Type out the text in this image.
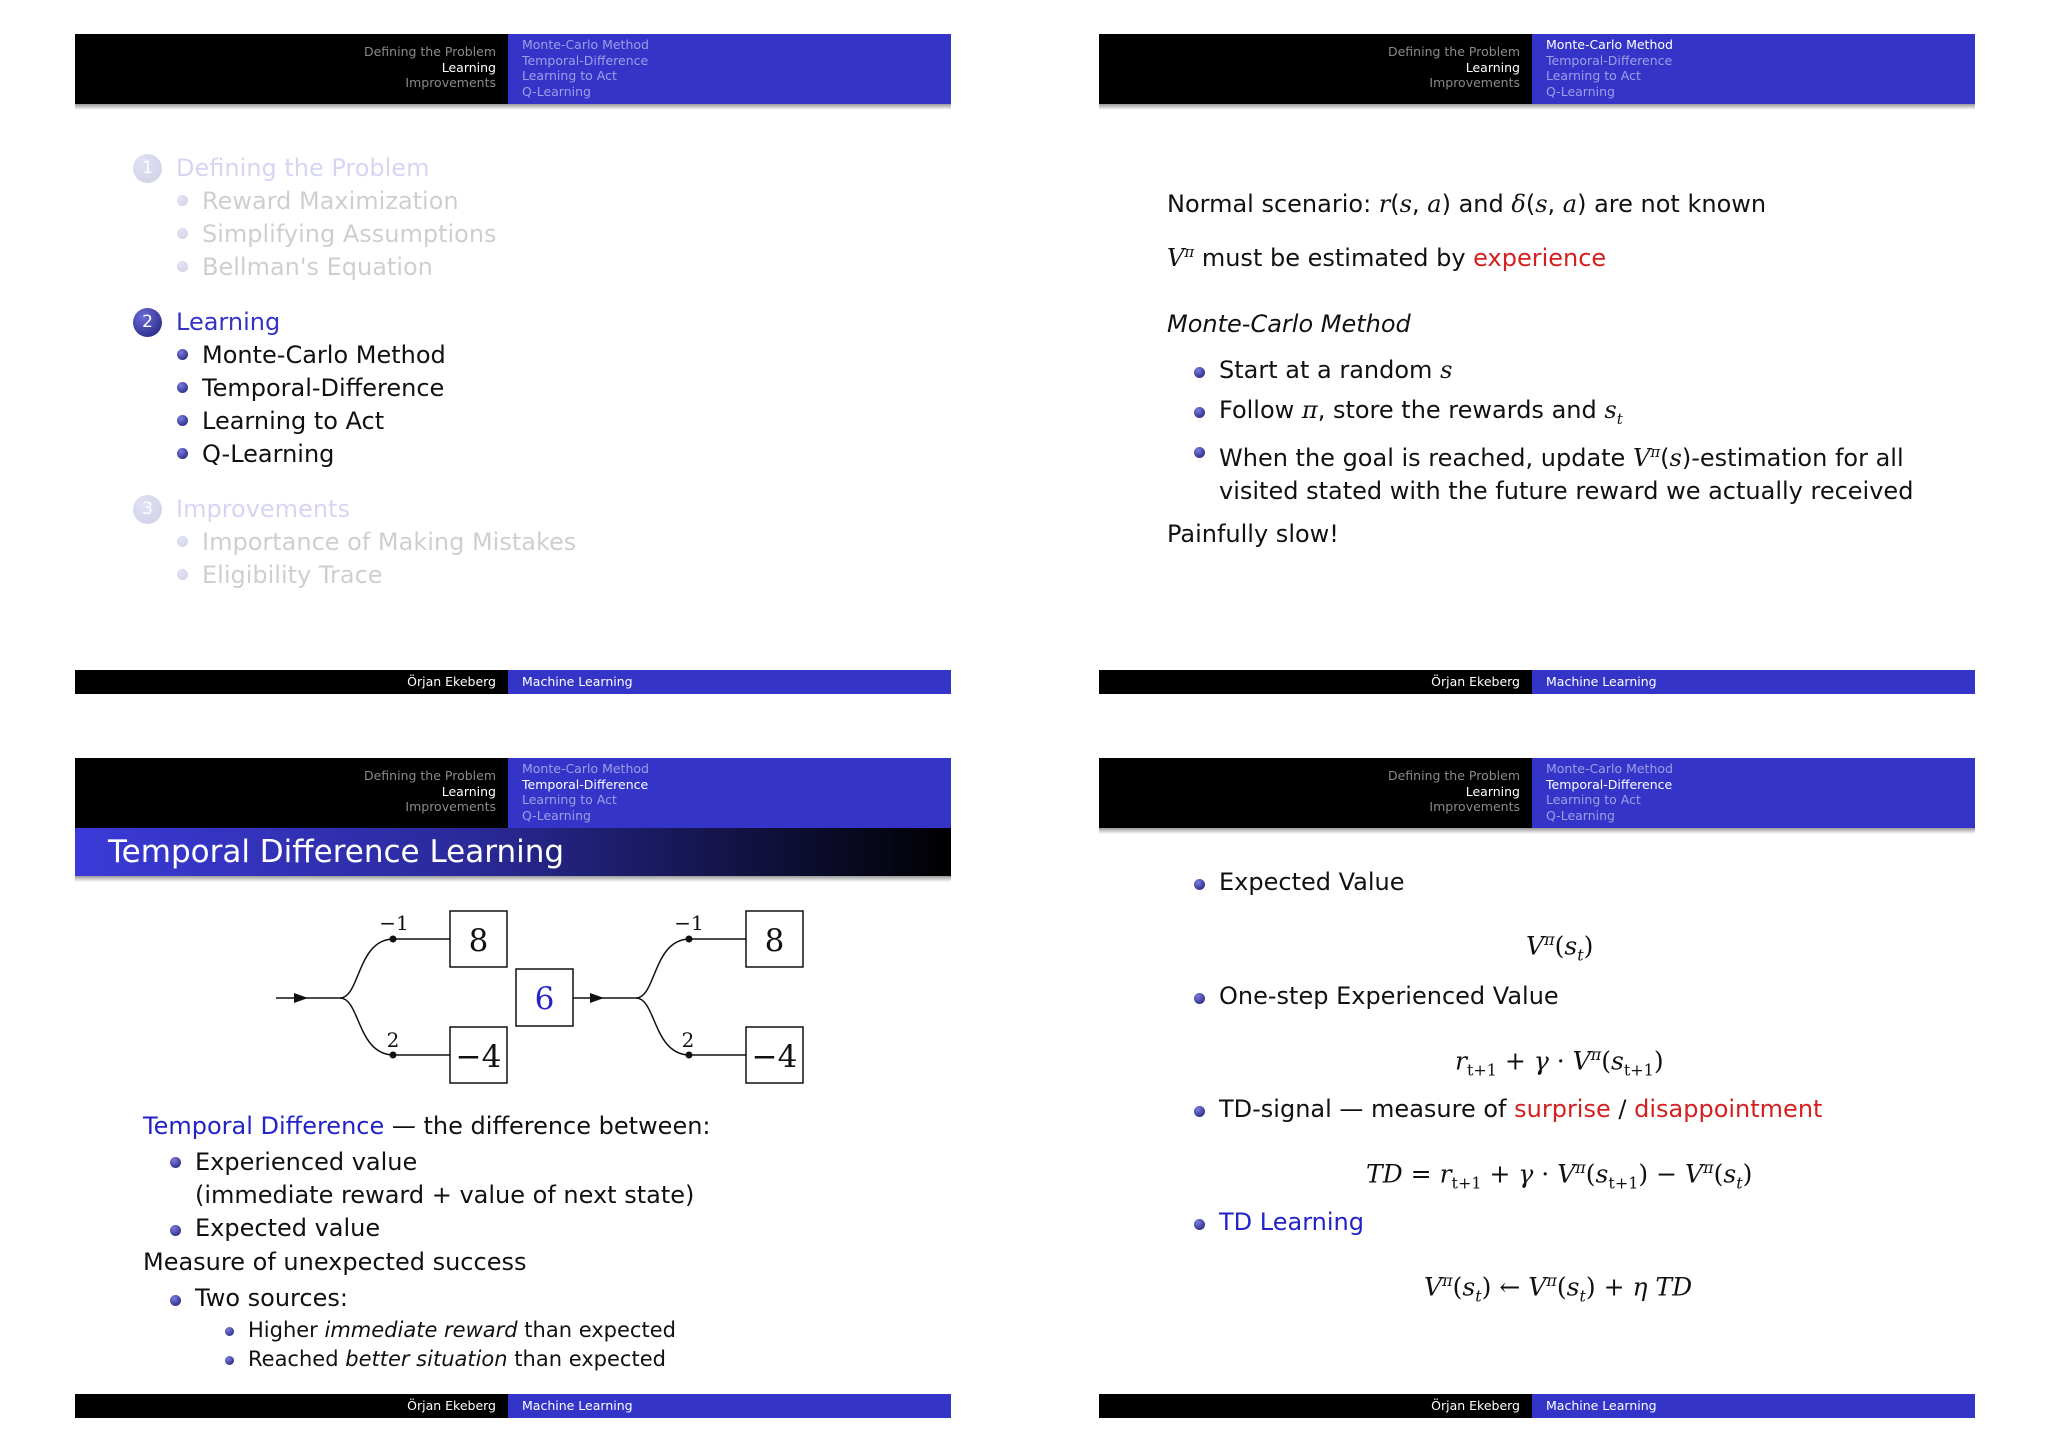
Defining the Problem
Learning
Improvements
Monte-Carlo Method
Temporal-Difference
Learning to Act
Q-Learning
1 Defining the Problem
Reward Maximization
Simplifying Assumptions
Bellman's Equation
2 Learning
Monte-Carlo Method
Temporal-Difference
Learning to Act
Q-Learning
3 Improvements
Importance of Making Mistakes
Eligibility Trace
Örjan Ekeberg	Machine Learning
Defining the Problem
Learning
Improvements
Monte-Carlo Method
Temporal-Difference
Learning to Act
Q-Learning
Normal scenario: r(s, a) and δ(s, a) are not known
$V^\pi$ must be estimated by experience
Monte-Carlo Method
Start at a random s
Follow π, store the rewards and $s_t$
When the goal is reached, update $V^\pi(s)$-estimation for all
visited stated with the future reward we actually received
Painfully slow!
Örjan Ekeberg	Machine Learning
Defining the Problem
Learning
Improvements
Monte-Carlo Method
Temporal-Difference
Learning to Act
Q-Learning
Temporal Difference Learning
−1
2
8
−4
6
−1
2
8
−4
Temporal Difference — the difference between:
Experienced value
(immediate reward + value of next state)
Expected value
Measure of unexpected success
Two sources:
Higher immediate reward than expected
Reached better situation than expected
Örjan Ekeberg	Machine Learning
Defining the Problem
Learning
Improvements
Monte-Carlo Method
Temporal-Difference
Learning to Act
Q-Learning
Expected Value
$V^\pi(s_t)$
One-step Experienced Value
$r_{t+1} + \gamma \cdot V^\pi(s_{t+1})$
TD-signal — measure of surprise / disappointment
TD = $r_{t+1} + \gamma \cdot V^\pi(s_{t+1}) - V^\pi(s_t)$
TD Learning
$V^\pi(s_t)$ ← $V^\pi(s_t) + \eta$ TD
Örjan Ekeberg	Machine Learning
